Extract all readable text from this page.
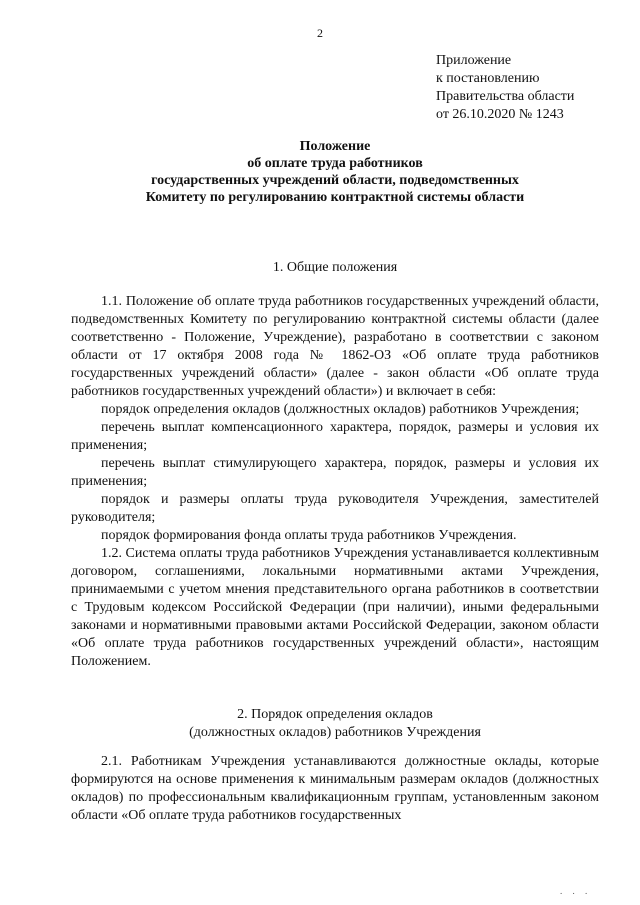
2
Приложение
к постановлению
Правительства области
от 26.10.2020 № 1243
Положение
об оплате труда работников
государственных учреждений области, подведомственных
Комитету по регулированию контрактной системы области
1. Общие положения

1.1. Положение об оплате труда работников государственных учреждений области, подведомственных Комитету по регулированию контрактной системы области (далее соответственно - Положение, Учреждение), разработано в соответствии с законом области от 17 октября 2008 года № 1862-ОЗ «Об оплате труда работников государственных учреждений области» (далее - закон области «Об оплате труда работников государственных учреждений области») и включает в себя:

порядок определения окладов (должностных окладов) работников Учреждения;

перечень выплат компенсационного характера, порядок, размеры и условия их применения;

перечень выплат стимулирующего характера, порядок, размеры и условия их применения;

порядок и размеры оплаты труда руководителя Учреждения, заместителей руководителя;

порядок формирования фонда оплаты труда работников Учреждения.

1.2. Система оплаты труда работников Учреждения устанавливается коллективным договором, соглашениями, локальными нормативными актами Учреждения, принимаемыми с учетом мнения представительного органа работников в соответствии с Трудовым кодексом Российской Федерации (при наличии), иными федеральными законами и нормативными правовыми актами Российской Федерации, законом области «Об оплате труда работников государственных учреждений области», настоящим Положением.

2. Порядок определения окладов
(должностных окладов) работников Учреждения

2.1. Работникам Учреждения устанавливаются должностные оклады, которые формируются на основе применения к минимальным размерам окладов (должностных окладов) по профессиональным квалификационным группам, установленным законом области «Об оплате труда работников государственных

. . .
